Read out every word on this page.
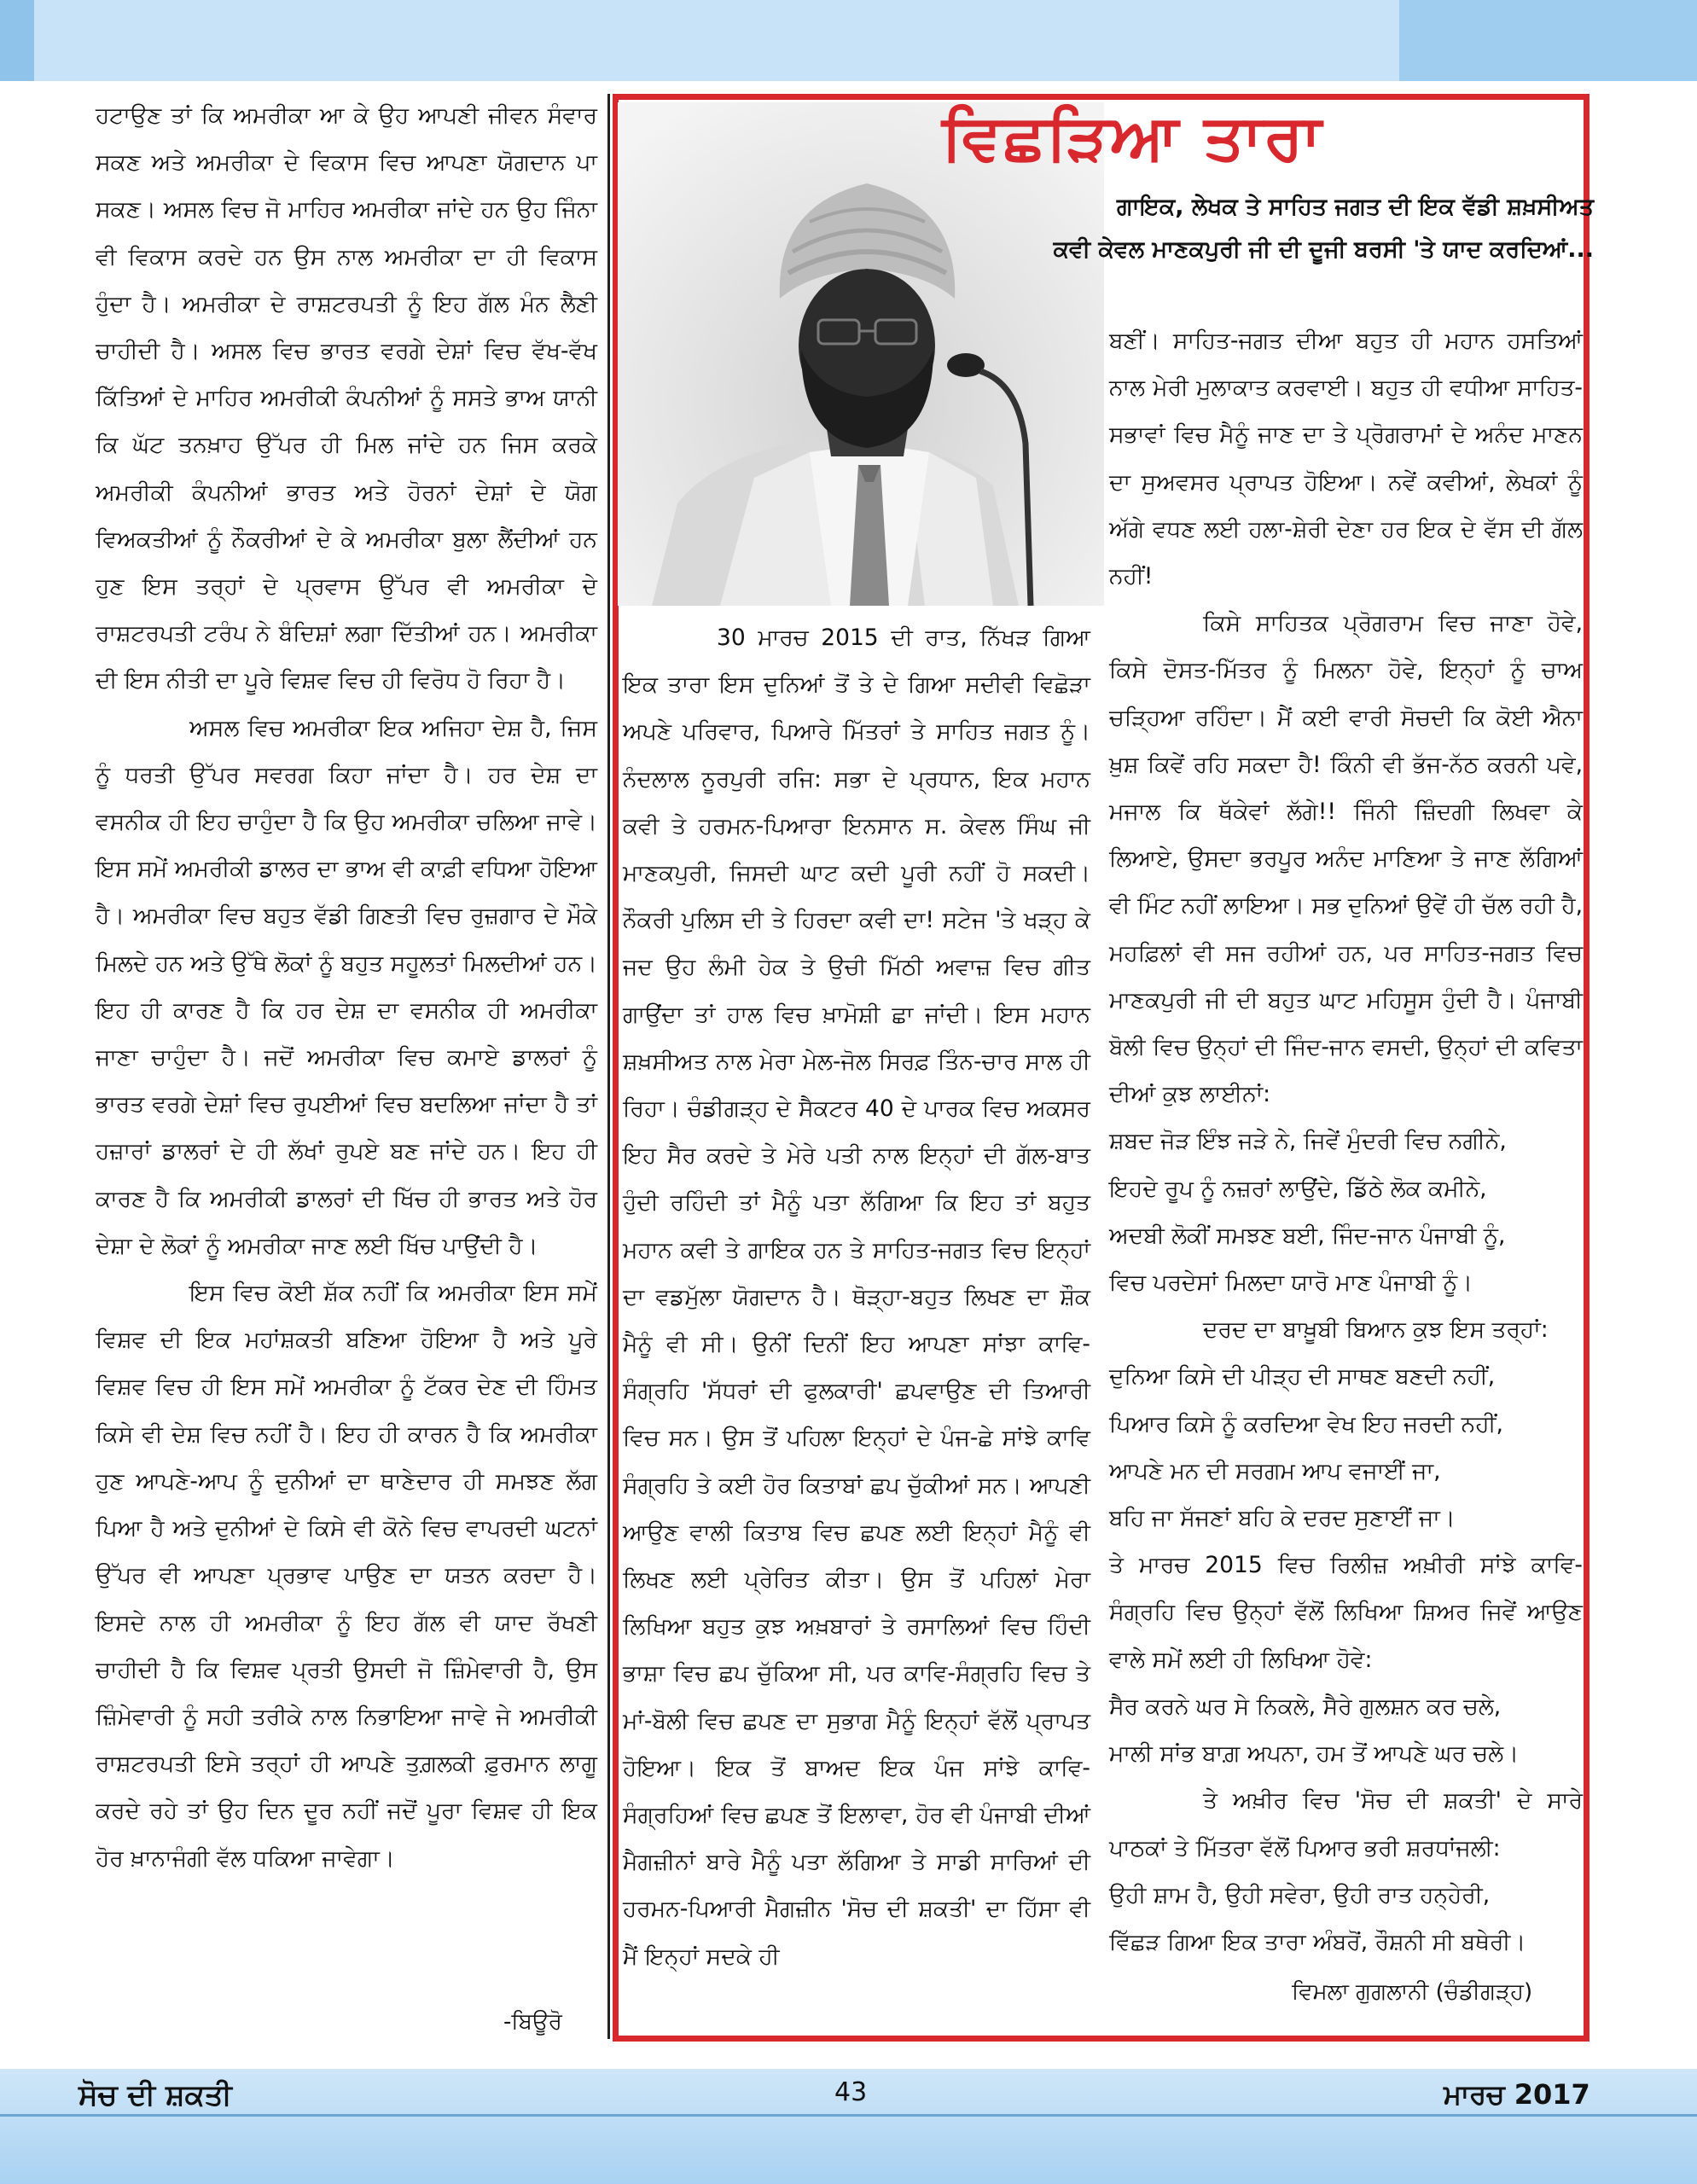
ਹਟਾਉਣ ਤਾਂ ਕਿ ਅਮਰੀਕਾ ਆ ਕੇ ਉਹ ਆਪਣੀ ਜੀਵਨ ਸੰਵਾਰ ਸਕਣ ਅਤੇ ਅਮਰੀਕਾ ਦੇ ਵਿਕਾਸ ਵਿਚ ਆਪਣਾ ਯੋਗਦਾਨ ਪਾ ਸਕਣ। ਅਸਲ ਵਿਚ ਜੋ ਮਾਹਿਰ ਅਮਰੀਕਾ ਜਾਂਦੇ ਹਨ ਉਹ ਜਿੰਨਾ ਵੀ ਵਿਕਾਸ ਕਰਦੇ ਹਨ ਉਸ ਨਾਲ ਅਮਰੀਕਾ ਦਾ ਹੀ ਵਿਕਾਸ ਹੁੰਦਾ ਹੈ। ਅਮਰੀਕਾ ਦੇ ਰਾਸ਼ਟਰਪਤੀ ਨੂੰ ਇਹ ਗੱਲ ਮੰਨ ਲੈਣੀ ਚਾਹੀਦੀ ਹੈ। ਅਸਲ ਵਿਚ ਭਾਰਤ ਵਰਗੇ ਦੇਸ਼ਾਂ ਵਿਚ ਵੱਖ-ਵੱਖ ਕਿੱਤਿਆਂ ਦੇ ਮਾਹਿਰ ਅਮਰੀਕੀ ਕੰਪਨੀਆਂ ਨੂੰ ਸਸਤੇ ਭਾਅ ਯਾਨੀ ਕਿ ਘੱਟ ਤਨਖ਼ਾਹ ਉੱਪਰ ਹੀ ਮਿਲ ਜਾਂਦੇ ਹਨ ਜਿਸ ਕਰਕੇ ਅਮਰੀਕੀ ਕੰਪਨੀਆਂ ਭਾਰਤ ਅਤੇ ਹੋਰਨਾਂ ਦੇਸ਼ਾਂ ਦੇ ਯੋਗ ਵਿਅਕਤੀਆਂ ਨੂੰ ਨੌਕਰੀਆਂ ਦੇ ਕੇ ਅਮਰੀਕਾ ਬੁਲਾ ਲੈਂਦੀਆਂ ਹਨ ਹੁਣ ਇਸ ਤਰ੍ਹਾਂ ਦੇ ਪ੍ਰਵਾਸ ਉੱਪਰ ਵੀ ਅਮਰੀਕਾ ਦੇ ਰਾਸ਼ਟਰਪਤੀ ਟਰੰਪ ਨੇ ਬੰਦਿਸ਼ਾਂ ਲਗਾ ਦਿੱਤੀਆਂ ਹਨ। ਅਮਰੀਕਾ ਦੀ ਇਸ ਨੀਤੀ ਦਾ ਪੂਰੇ ਵਿਸ਼ਵ ਵਿਚ ਹੀ ਵਿਰੋਧ ਹੋ ਰਿਹਾ ਹੈ।

ਅਸਲ ਵਿਚ ਅਮਰੀਕਾ ਇਕ ਅਜਿਹਾ ਦੇਸ਼ ਹੈ, ਜਿਸ ਨੂੰ ਧਰਤੀ ਉੱਪਰ ਸਵਰਗ ਕਿਹਾ ਜਾਂਦਾ ਹੈ। ਹਰ ਦੇਸ਼ ਦਾ ਵਸਨੀਕ ਹੀ ਇਹ ਚਾਹੁੰਦਾ ਹੈ ਕਿ ਉਹ ਅਮਰੀਕਾ ਚਲਿਆ ਜਾਵੇ। ਇਸ ਸਮੇਂ ਅਮਰੀਕੀ ਡਾਲਰ ਦਾ ਭਾਅ ਵੀ ਕਾਫ਼ੀ ਵਧਿਆ ਹੋਇਆ ਹੈ। ਅਮਰੀਕਾ ਵਿਚ ਬਹੁਤ ਵੱਡੀ ਗਿਣਤੀ ਵਿਚ ਰੁਜ਼ਗਾਰ ਦੇ ਮੌਕੇ ਮਿਲਦੇ ਹਨ ਅਤੇ ਉੱਥੇ ਲੋਕਾਂ ਨੂੰ ਬਹੁਤ ਸਹੂਲਤਾਂ ਮਿਲਦੀਆਂ ਹਨ। ਇਹ ਹੀ ਕਾਰਣ ਹੈ ਕਿ ਹਰ ਦੇਸ਼ ਦਾ ਵਸਨੀਕ ਹੀ ਅਮਰੀਕਾ ਜਾਣਾ ਚਾਹੁੰਦਾ ਹੈ। ਜਦੋਂ ਅਮਰੀਕਾ ਵਿਚ ਕਮਾਏ ਡਾਲਰਾਂ ਨੂੰ ਭਾਰਤ ਵਰਗੇ ਦੇਸ਼ਾਂ ਵਿਚ ਰੁਪਈਆਂ ਵਿਚ ਬਦਲਿਆ ਜਾਂਦਾ ਹੈ ਤਾਂ ਹਜ਼ਾਰਾਂ ਡਾਲਰਾਂ ਦੇ ਹੀ ਲੱਖਾਂ ਰੁਪਏ ਬਣ ਜਾਂਦੇ ਹਨ। ਇਹ ਹੀ ਕਾਰਣ ਹੈ ਕਿ ਅਮਰੀਕੀ ਡਾਲਰਾਂ ਦੀ ਖਿੱਚ ਹੀ ਭਾਰਤ ਅਤੇ ਹੋਰ ਦੇਸ਼ਾ ਦੇ ਲੋਕਾਂ ਨੂੰ ਅਮਰੀਕਾ ਜਾਣ ਲਈ ਖਿੱਚ ਪਾਉਂਦੀ ਹੈ।

ਇਸ ਵਿਚ ਕੋਈ ਸ਼ੱਕ ਨਹੀਂ ਕਿ ਅਮਰੀਕਾ ਇਸ ਸਮੇਂ ਵਿਸ਼ਵ ਦੀ ਇਕ ਮਹਾਂਸ਼ਕਤੀ ਬਣਿਆ ਹੋਇਆ ਹੈ ਅਤੇ ਪੂਰੇ ਵਿਸ਼ਵ ਵਿਚ ਹੀ ਇਸ ਸਮੇਂ ਅਮਰੀਕਾ ਨੂੰ ਟੱਕਰ ਦੇਣ ਦੀ ਹਿੰਮਤ ਕਿਸੇ ਵੀ ਦੇਸ਼ ਵਿਚ ਨਹੀਂ ਹੈ। ਇਹ ਹੀ ਕਾਰਨ ਹੈ ਕਿ ਅਮਰੀਕਾ ਹੁਣ ਆਪਣੇ-ਆਪ ਨੂੰ ਦੁਨੀਆਂ ਦਾ ਥਾਣੇਦਾਰ ਹੀ ਸਮਝਣ ਲੱਗ ਪਿਆ ਹੈ ਅਤੇ ਦੁਨੀਆਂ ਦੇ ਕਿਸੇ ਵੀ ਕੋਨੇ ਵਿਚ ਵਾਪਰਦੀ ਘਟਨਾਂ ਉੱਪਰ ਵੀ ਆਪਣਾ ਪ੍ਰਭਾਵ ਪਾਉਣ ਦਾ ਯਤਨ ਕਰਦਾ ਹੈ। ਇਸਦੇ ਨਾਲ ਹੀ ਅਮਰੀਕਾ ਨੂੰ ਇਹ ਗੱਲ ਵੀ ਯਾਦ ਰੱਖਣੀ ਚਾਹੀਦੀ ਹੈ ਕਿ ਵਿਸ਼ਵ ਪ੍ਰਤੀ ਉਸਦੀ ਜੋ ਜ਼ਿੰਮੇਵਾਰੀ ਹੈ, ਉਸ ਜ਼ਿੰਮੇਵਾਰੀ ਨੂੰ ਸਹੀ ਤਰੀਕੇ ਨਾਲ ਨਿਭਾਇਆ ਜਾਵੇ ਜੇ ਅਮਰੀਕੀ ਰਾਸ਼ਟਰਪਤੀ ਇਸੇ ਤਰ੍ਹਾਂ ਹੀ ਆਪਣੇ ਤੁਗ਼ਲਕੀ ਫ਼ੁਰਮਾਨ ਲਾਗੂ ਕਰਦੇ ਰਹੇ ਤਾਂ ਉਹ ਦਿਨ ਦੂਰ ਨਹੀਂ ਜਦੋਂ ਪੂਰਾ ਵਿਸ਼ਵ ਹੀ ਇਕ ਹੋਰ ਖ਼ਾਨਾਜੰਗੀ ਵੱਲ ਧਕਿਆ ਜਾਵੇਗਾ।

-ਬਿਊਰੋ
ਵਿਛੜਿਆ ਤਾਰਾ
ਗਾਇਕ, ਲੇਖਕ ਤੇ ਸਾਹਿਤ ਜਗਤ ਦੀ ਇਕ ਵੱਡੀ ਸ਼ਖ਼ਸੀਅਤ
ਕਵੀ ਕੇਵਲ ਮਾਣਕਪੁਰੀ ਜੀ ਦੀ ਦੂਜੀ ਬਰਸੀ 'ਤੇ ਯਾਦ ਕਰਦਿਆਂ...

30 ਮਾਰਚ 2015 ਦੀ ਰਾਤ, ਨਿੱਖੜ ਗਿਆ ਇਕ ਤਾਰਾ ਇਸ ਦੁਨਿਆਂ ਤੋਂ ਤੇ ਦੇ ਗਿਆ ਸਦੀਵੀ ਵਿਛੋੜਾ ਅਪਣੇ ਪਰਿਵਾਰ, ਪਿਆਰੇ ਮਿੱਤਰਾਂ ਤੇ ਸਾਹਿਤ ਜਗਤ ਨੂੰ। ਨੰਦਲਾਲ ਨੂਰਪੁਰੀ ਰਜਿ: ਸਭਾ ਦੇ ਪ੍ਰਧਾਨ, ਇਕ ਮਹਾਨ ਕਵੀ ਤੇ ਹਰਮਨ-ਪਿਆਰਾ ਇਨਸਾਨ ਸ. ਕੇਵਲ ਸਿੰਘ ਜੀ ਮਾਣਕਪੁਰੀ, ਜਿਸਦੀ ਘਾਟ ਕਦੀ ਪੂਰੀ ਨਹੀਂ ਹੋ ਸਕਦੀ। ਨੌਕਰੀ ਪੁਲਿਸ ਦੀ ਤੇ ਹਿਰਦਾ ਕਵੀ ਦਾ! ਸਟੇਜ 'ਤੇ ਖੜ੍ਹ ਕੇ ਜਦ ਉਹ ਲੰਮੀ ਹੇਕ ਤੇ ਉਚੀ ਮਿੱਠੀ ਅਵਾਜ਼ ਵਿਚ ਗੀਤ ਗਾਉਂਦਾ ਤਾਂ ਹਾਲ ਵਿਚ ਖ਼ਾਮੋਸ਼ੀ ਛਾ ਜਾਂਦੀ। ਇਸ ਮਹਾਨ ਸ਼ਖ਼ਸੀਅਤ ਨਾਲ ਮੇਰਾ ਮੇਲ-ਜੋਲ ਸਿਰਫ਼ ਤਿੰਨ-ਚਾਰ ਸਾਲ ਹੀ ਰਿਹਾ। ਚੰਡੀਗੜ੍ਹ ਦੇ ਸੈਕਟਰ 40 ਦੇ ਪਾਰਕ ਵਿਚ ਅਕਸਰ ਇਹ ਸੈਰ ਕਰਦੇ ਤੇ ਮੇਰੇ ਪਤੀ ਨਾਲ ਇਨ੍ਹਾਂ ਦੀ ਗੱਲ-ਬਾਤ ਹੁੰਦੀ ਰਹਿੰਦੀ ਤਾਂ ਮੈਨੂੰ ਪਤਾ ਲੱਗਿਆ ਕਿ ਇਹ ਤਾਂ ਬਹੁਤ ਮਹਾਨ ਕਵੀ ਤੇ ਗਾਇਕ ਹਨ ਤੇ ਸਾਹਿਤ-ਜਗਤ ਵਿਚ ਇਨ੍ਹਾਂ ਦਾ ਵਡਮੁੱਲਾ ਯੋਗਦਾਨ ਹੈ। ਥੋੜ੍ਹਾ-ਬਹੁਤ ਲਿਖਣ ਦਾ ਸ਼ੌਕ ਮੈਨੂੰ ਵੀ ਸੀ। ਉਨੀਂ ਦਿਨੀਂ ਇਹ ਆਪਣਾ ਸਾਂਝਾ ਕਾਵਿ-ਸੰਗ੍ਰਹਿ 'ਸੱਧਰਾਂ ਦੀ ਫੁਲਕਾਰੀ' ਛਪਵਾਉਣ ਦੀ ਤਿਆਰੀ ਵਿਚ ਸਨ। ਉਸ ਤੋਂ ਪਹਿਲਾ ਇਨ੍ਹਾਂ ਦੇ ਪੰਜ-ਛੇ ਸਾਂਝੇ ਕਾਵਿ ਸੰਗ੍ਰਹਿ ਤੇ ਕਈ ਹੋਰ ਕਿਤਾਬਾਂ ਛਪ ਚੁੱਕੀਆਂ ਸਨ। ਆਪਣੀ ਆਉਣ ਵਾਲੀ ਕਿਤਾਬ ਵਿਚ ਛਪਣ ਲਈ ਇਨ੍ਹਾਂ ਮੈਨੂੰ ਵੀ ਲਿਖਣ ਲਈ ਪ੍ਰੇਰਿਤ ਕੀਤਾ। ਉਸ ਤੋਂ ਪਹਿਲਾਂ ਮੇਰਾ ਲਿਖਿਆ ਬਹੁਤ ਕੁਝ ਅਖ਼ਬਾਰਾਂ ਤੇ ਰਸਾਲਿਆਂ ਵਿਚ ਹਿੰਦੀ ਭਾਸ਼ਾ ਵਿਚ ਛਪ ਚੁੱਕਿਆ ਸੀ, ਪਰ ਕਾਵਿ-ਸੰਗ੍ਰਹਿ ਵਿਚ ਤੇ ਮਾਂ-ਬੋਲੀ ਵਿਚ ਛਪਣ ਦਾ ਸੁਭਾਗ ਮੈਨੂੰ ਇਨ੍ਹਾਂ ਵੱਲੋਂ ਪ੍ਰਾਪਤ ਹੋਇਆ। ਇਕ ਤੋਂ ਬਾਅਦ ਇਕ ਪੰਜ ਸਾਂਝੇ ਕਾਵਿ-ਸੰਗ੍ਰਹਿਆਂ ਵਿਚ ਛਪਣ ਤੋਂ ਇਲਾਵਾ, ਹੋਰ ਵੀ ਪੰਜਾਬੀ ਦੀਆਂ ਮੈਗਜ਼ੀਨਾਂ ਬਾਰੇ ਮੈਨੂੰ ਪਤਾ ਲੱਗਿਆ ਤੇ ਸਾਡੀ ਸਾਰਿਆਂ ਦੀ ਹਰਮਨ-ਪਿਆਰੀ ਮੈਗਜ਼ੀਨ 'ਸੋਚ ਦੀ ਸ਼ਕਤੀ' ਦਾ ਹਿੱਸਾ ਵੀ ਮੈਂ ਇਨ੍ਹਾਂ ਸਦਕੇ ਹੀ

ਬਣੀਂ। ਸਾਹਿਤ-ਜਗਤ ਦੀਆ ਬਹੁਤ ਹੀ ਮਹਾਨ ਹਸਤਿਆਂ ਨਾਲ ਮੇਰੀ ਮੁਲਾਕਾਤ ਕਰਵਾਈ। ਬਹੁਤ ਹੀ ਵਧੀਆ ਸਾਹਿਤ-ਸਭਾਵਾਂ ਵਿਚ ਮੈਨੂੰ ਜਾਣ ਦਾ ਤੇ ਪ੍ਰੋਗਰਾਮਾਂ ਦੇ ਅਨੰਦ ਮਾਣਨ ਦਾ ਸੁਅਵਸਰ ਪ੍ਰਾਪਤ ਹੋਇਆ। ਨਵੇਂ ਕਵੀਆਂ, ਲੇਖਕਾਂ ਨੂੰ ਅੱਗੇ ਵਧਣ ਲਈ ਹਲਾ-ਸ਼ੇਰੀ ਦੇਣਾ ਹਰ ਇਕ ਦੇ ਵੱਸ ਦੀ ਗੱਲ ਨਹੀਂ!

ਕਿਸੇ ਸਾਹਿਤਕ ਪ੍ਰੋਗਰਾਮ ਵਿਚ ਜਾਣਾ ਹੋਵੇ, ਕਿਸੇ ਦੋਸਤ-ਮਿੱਤਰ ਨੂੰ ਮਿਲਨਾ ਹੋਵੇ, ਇਨ੍ਹਾਂ ਨੂੰ ਚਾਅ ਚੜ੍ਹਿਆ ਰਹਿੰਦਾ। ਮੈਂ ਕਈ ਵਾਰੀ ਸੋਚਦੀ ਕਿ ਕੋਈ ਐਨਾ ਖ਼ੁਸ਼ ਕਿਵੇਂ ਰਹਿ ਸਕਦਾ ਹੈ! ਕਿੰਨੀ ਵੀ ਭੱਜ-ਨੱਠ ਕਰਨੀ ਪਵੇ, ਮਜਾਲ ਕਿ ਥੱਕੇਵਾਂ ਲੱਗੇ!! ਜਿੰਨੀ ਜ਼ਿੰਦਗੀ ਲਿਖਵਾ ਕੇ ਲਿਆਏ, ਉਸਦਾ ਭਰਪੂਰ ਅਨੰਦ ਮਾਣਿਆ ਤੇ ਜਾਣ ਲੱਗਿਆਂ ਵੀ ਮਿੰਟ ਨਹੀਂ ਲਾਇਆ। ਸਭ ਦੁਨਿਆਂ ਉਵੇਂ ਹੀ ਚੱਲ ਰਹੀ ਹੈ, ਮਹਫ਼ਿਲਾਂ ਵੀ ਸਜ ਰਹੀਆਂ ਹਨ, ਪਰ ਸਾਹਿਤ-ਜਗਤ ਵਿਚ ਮਾਣਕਪੁਰੀ ਜੀ ਦੀ ਬਹੁਤ ਘਾਟ ਮਹਿਸੂਸ ਹੁੰਦੀ ਹੈ। ਪੰਜਾਬੀ ਬੋਲੀ ਵਿਚ ਉਨ੍ਹਾਂ ਦੀ ਜਿੰਦ-ਜਾਨ ਵਸਦੀ, ਉਨ੍ਹਾਂ ਦੀ ਕਵਿਤਾ ਦੀਆਂ ਕੁਝ ਲਾਈਨਾਂ:

ਸ਼ਬਦ ਜੋੜ ਇੰਝ ਜੜੇ ਨੇ, ਜਿਵੇਂ ਮੁੰਦਰੀ ਵਿਚ ਨਗੀਨੇ,

ਇਹਦੇ ਰੂਪ ਨੂੰ ਨਜ਼ਰਾਂ ਲਾਉਂਦੇ, ਡਿੱਠੇ ਲੋਕ ਕਮੀਨੇ,

ਅਦਬੀ ਲੋਕੀਂ ਸਮਝਣ ਬਈ, ਜਿੰਦ-ਜਾਨ ਪੰਜਾਬੀ ਨੂੰ,

ਵਿਚ ਪਰਦੇਸਾਂ ਮਿਲਦਾ ਯਾਰੋ ਮਾਣ ਪੰਜਾਬੀ ਨੂੰ।

ਦਰਦ ਦਾ ਬਾਖ਼ੂਬੀ ਬਿਆਨ ਕੁਝ ਇਸ ਤਰ੍ਹਾਂ:

ਦੁਨਿਆ ਕਿਸੇ ਦੀ ਪੀੜ੍ਹ ਦੀ ਸਾਥਣ ਬਣਦੀ ਨਹੀਂ,

ਪਿਆਰ ਕਿਸੇ ਨੂੰ ਕਰਦਿਆ ਵੇਖ ਇਹ ਜਰਦੀ ਨਹੀਂ,

ਆਪਣੇ ਮਨ ਦੀ ਸਰਗਮ ਆਪ ਵਜਾਈਂ ਜਾ,

ਬਹਿ ਜਾ ਸੱਜਣਾਂ ਬਹਿ ਕੇ ਦਰਦ ਸੁਣਾਈਂ ਜਾ।

ਤੇ ਮਾਰਚ 2015 ਵਿਚ ਰਿਲੀਜ਼ ਅਖ਼ੀਰੀ ਸਾਂਝੇ ਕਾਵਿ-ਸੰਗ੍ਰਹਿ ਵਿਚ ਉਨ੍ਹਾਂ ਵੱਲੋਂ ਲਿਖਿਆ ਸ਼ਿਅਰ ਜਿਵੇਂ ਆਉਣ ਵਾਲੇ ਸਮੇਂ ਲਈ ਹੀ ਲਿਖਿਆ ਹੋਵੇ:

ਸੈਰ ਕਰਨੇ ਘਰ ਸੇ ਨਿਕਲੇ, ਸੈਰੇ ਗੁਲਸ਼ਨ ਕਰ ਚਲੇ,

ਮਾਲੀ ਸਾਂਭ ਬਾਗ਼ ਅਪਨਾ, ਹਮ ਤੋਂ ਆਪਣੇ ਘਰ ਚਲੇ।

ਤੇ ਅਖ਼ੀਰ ਵਿਚ 'ਸੋਚ ਦੀ ਸ਼ਕਤੀ' ਦੇ ਸਾਰੇ ਪਾਠਕਾਂ ਤੇ ਮਿੱਤਰਾ ਵੱਲੋਂ ਪਿਆਰ ਭਰੀ ਸ਼ਰਧਾਂਜਲੀ:

ਉਹੀ ਸ਼ਾਮ ਹੈ, ਉਹੀ ਸਵੇਰਾ, ਉਹੀ ਰਾਤ ਹਨ੍ਹੇਰੀ,

ਵਿੱਛੜ ਗਿਆ ਇਕ ਤਾਰਾ ਅੰਬਰੋਂ, ਰੌਸ਼ਨੀ ਸੀ ਬਥੇਰੀ।

ਵਿਮਲਾ ਗੁਗਲਾਨੀ (ਚੰਡੀਗੜ੍ਹ)
ਸੋਚ ਦੀ ਸ਼ਕਤੀ	43	ਮਾਰਚ 2017
